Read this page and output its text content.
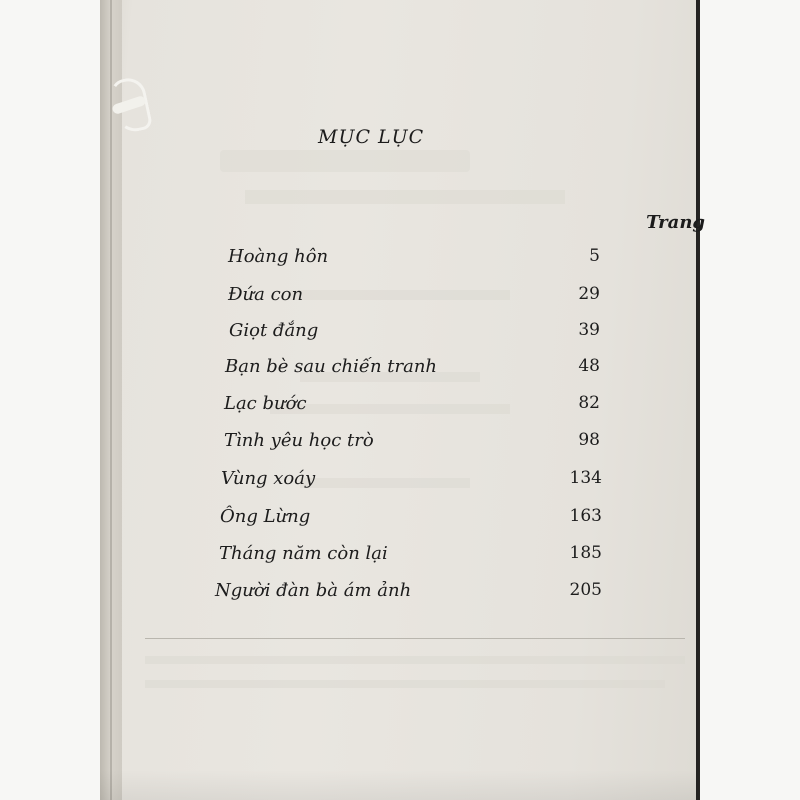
MỤC LỤC
Trang
Hoàng hôn	5
Đứa con	29
Giọt đắng	39
Bạn bè sau chiến tranh	48
Lạc bước	82
Tình yêu học trò	98
Vùng xoáy	134
Ông Lừng	163
Tháng năm còn lại	185
Người đàn bà ám ảnh	205
